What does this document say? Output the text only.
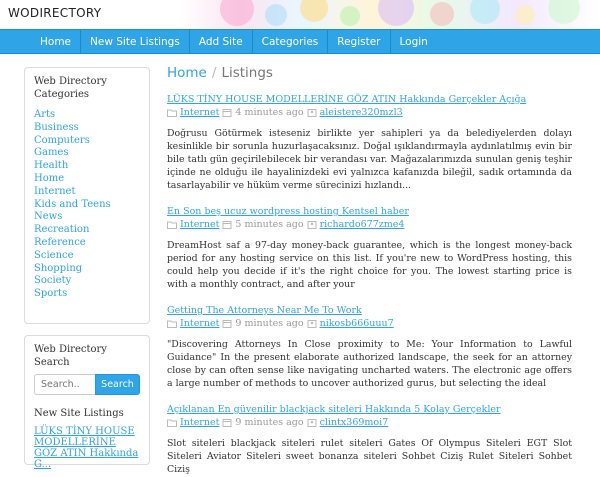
WODIRECTORY
Home	New Site Listings	Add Site	Categories	Register	Login
Web Directory Categories
Arts
Business
Computers
Games
Health
Home
Internet
Kids and Teens
News
Recreation
Reference
Science
Shopping
Society
Sports
Web Directory Search
Search..
Search
New Site Listings
LÜKS TİNY HOUSE MODELLERİNE GÖZ ATIN Hakkında G...
Home / Listings
LÜKS TİNY HOUSE MODELLERİNE GÖZ ATIN Hakkında Gerçekler Açığa
Internet 4 minutes ago aleistere320mzl3

Doğrusu Götürmek isteseniz birlikte yer sahipleri ya da belediyelerden dolayı kesinlikle bir sorunla huzurlaşacaksınız. Doğal ışıklandırmayla aydınlatılmış evin bir bile tatlı gün geçirilebilecek bir verandası var. Mağazalarımızda sunulan geniş teşhir içinde ne olduğu ile hayalinizdeki evi yalnızca kafanızda bileğil, sadık ortamında da tasarlayabilir ve hüküm verme sürecinizi hızlandı...

En Son beş ucuz wordpress hosting Kentsel haber
Internet 5 minutes ago richardo677zme4

DreamHost saf a 97-day money-back guarantee, which is the longest money-back period for any hosting service on this list. If you're new to WordPress hosting, this could help you decide if it's the right choice for you. The lowest starting price is with a monthly contract, and after your

Getting The Attorneys Near Me To Work
Internet 9 minutes ago nikosb666uuu7

"Discovering Attorneys In Close proximity to Me: Your Information to Lawful Guidance" In the present elaborate authorized landscape, the seek for an attorney close by can often sense like navigating uncharted waters. The electronic age offers a large number of methods to uncover authorized gurus, but selecting the ideal

Açıklanan En güvenilir blackjack siteleri Hakkında 5 Kolay Gerçekler
Internet 9 minutes ago clintx369moi7

Slot siteleri blackjack siteleri rulet siteleri Gates Of Olympus Siteleri EGT Slot Siteleri Aviator Siteleri sweet bonanza siteleri Sohbet Ciziş Rulet Siteleri Sohbet Ciziş
